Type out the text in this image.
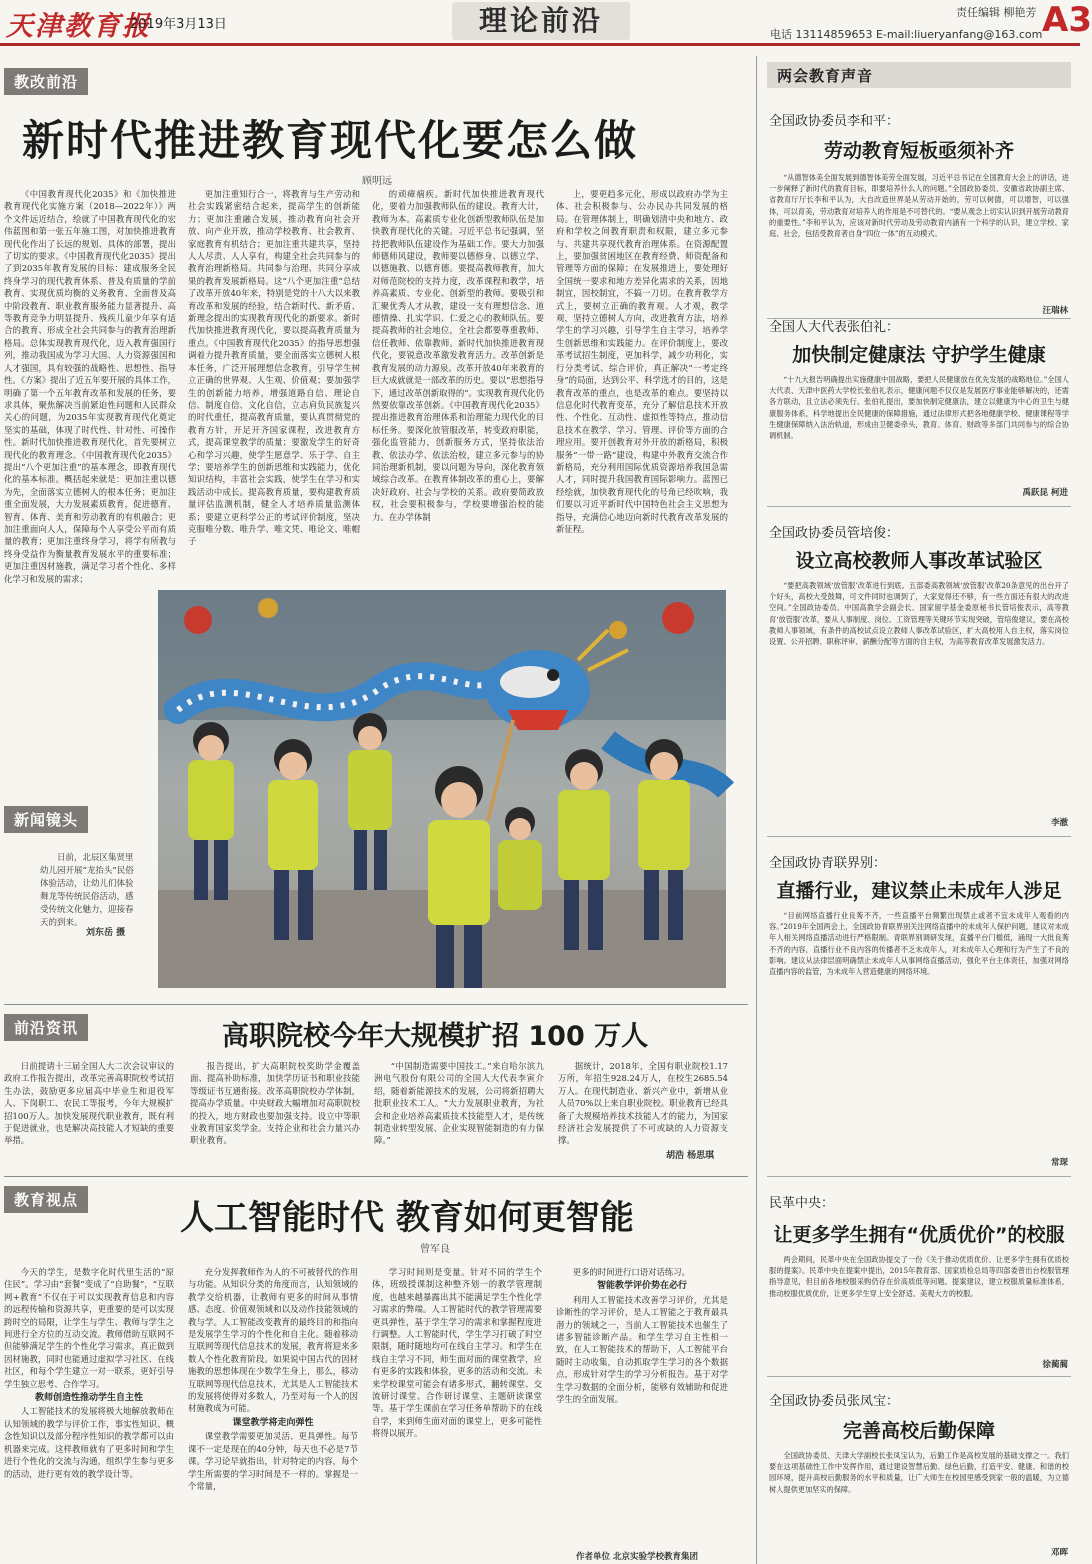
天津教育报
2019年3月13日	理论前沿	责任编辑 柳艳芳
电话 13114859653 E-mail:liueryanfang@163.com A3
教改前沿
新时代推进教育现代化要怎么做
顾明远
《中国教育现代化2035》和《加快推进教育现代化实施方案（2018—2022年）》两个文件远近结合，绘就了中国教育现代化的宏伟蓝图和第一张五年施工图，对加快推进教育现代化作出了长远的规划、具体的部署，提出了切实的要求。《中国教育现代化2035》提出了到2035年教育发展的目标：建成服务全民终身学习的现代教育体系、普及有质量的学前教育、实现优质均衡的义务教育、全面普及高中阶段教育、职业教育服务能力显著提升、高等教育竞争力明显提升、残疾儿童少年享有适合的教育、形成全社会共同参与的教育治理新格局。总体实现教育现代化，迈入教育强国行列，推动我国成为学习大国、人力资源强国和人才强国，具有较强的战略性、思想性、指导性。《方案》提出了近五年要开展的具体工作，明确了第一个五年教育改革和发展的任务，要求具体，聚焦解决当前紧迫性问题和人民群众关心的问题，为2035年实现教育现代化奠定坚实的基础，体现了时代性、针对性、可操作性。新时代加快推进教育现代化，首先要树立现代化的教育理念。《中国教育现代化2035》提出“八个更加注重”的基本理念，即教育现代化的基本标准。概括起来就是：更加注重以德为先，全面落实立德树人的根本任务；更加注重全面发展，大力发展素质教育，促进德育、智育、体育、美育和劳动教育的有机融合；更加注重面向人人，保障每个人享受公平而有质量的教育；更加注重终身学习，将学有所教与终身受益作为衡量教育发展水平的重要标准；更加注重因材施教，满足学习者个性化、多样化学习和发展的需求；
更加注重知行合一，将教育与生产劳动和社会实践紧密结合起来，提高学生的创新能力；更加注重融合发展，推动教育向社会开放、向产业开放，推动学校教育、社会教育、家庭教育有机结合；更加注重共建共享，坚持人人尽责、人人享有，构建全社会共同参与的教育治理新格局。共同参与治理、共同分享成果的教育发展新格局。这“八个更加注重”总结了改革开放40年来，特别是党的十八大以来教育改革和发展的经验，结合新时代、新矛盾、新理念提出的实现教育现代化的新要求。新时代加快推进教育现代化，要以提高教育质量为重点。《中国教育现代化2035》的指导思想强调着力提升教育质量，要全面落实立德树人根本任务，广泛开展理想信念教育，引导学生树立正确的世界观、人生观、价值观；要加强学生的创新能力培养，增强道路自信、理论自信、制度自信、文化自信，立志肩负民族复兴的时代重任，提高教育质量，要认真贯彻党的教育方针，开足开齐国家课程，改进教育方式，提高课堂教学的质量；要激发学生的好奇心和学习兴趣，使学生愿意学、乐于学、自主学；要培养学生的创新思维和实践能力，优化知识结构，丰富社会实践，使学生在学习和实践活动中成长。提高教育质量，要构建教育质量评估监测机制，健全人才培养质量监测体系；要建立更科学公正的考试评价制度，坚决克服唯分数、唯升学、唯文凭、唯论文、唯帽子
的顽瘴痼疾。新时代加快推进教育现代化，要着力加强教师队伍的建设。教育大计，教师为本。高素质专业化创新型教师队伍是加快教育现代化的关键。习近平总书记强调，坚持把教师队伍建设作为基础工作。要大力加强师德师风建设，教师要以德修身、以德立学、以德施教、以德育德。要提高教师教育，加大对师范院校的支持力度，改革课程和教学，培养高素质、专业化、创新型的教师。要吸引和汇聚优秀人才从教，建设一支有理想信念、道德情操、扎实学识、仁爱之心的教师队伍。要提高教师的社会地位，全社会都要尊重教师、信任教师、依靠教师。新时代加快推进教育现代化，要锐意改革激发教育活力。改革创新是教育发展的动力源泉。改革开放40年来教育的巨大成就就是一部改革的历史。要以“思想指导下，通过改革创新取得的”。实现教育现代化仍然要依靠改革创新。《中国教育现代化2035》提出推进教育治理体系和治理能力现代化的目标任务。要深化放管服改革，转变政府职能，强化监管能力，创新服务方式，坚持依法治教、依法办学、依法治校，建立多元参与的协同治理新机制，要以问题为导向，深化教育领域综合改革。在教育体制改革的重心上，要解决好政府、社会与学校的关系。政府要简政放权，社会要积极参与，学校要增强治校的能力。在办学体制
上，要更趋多元化，形成以政府办学为主体、社会积极参与、公办民办共同发展的格局。在管理体制上，明确划清中央和地方、政府和学校之间教育职责和权限，建立多元参与、共建共享现代教育治理体系。在资源配置上，要加强贫困地区在教育经费、师资配备和管理等方面的保障；在发展推进上，要处理好全国统一要求和地方差异化需求的关系，因地制宜，因校制宜，不搞一刀切。在教育教学方式上，要树立正确的教育观、人才观，教学观，坚持立德树人方向，改进教育方法，培养学生的学习兴趣，引导学生自主学习，培养学生创新思维和实践能力。在评价制度上，要改革考试招生制度，更加科学，减少功利化，实行分类考试、综合评价，真正解决“一考定终身”的局面，达到公平、科学选才的目的，这是教育改革的重点，也是改革的难点。要坚持以信息化时代教育变革，充分了解信息技术开放性、个性化、互动性、虚拟性等特点，推动信息技术在教学、学习、管理、评价等方面的合理应用。要开创教育对外开放的新格局，积极服务“一带一路”建设，构建中外教育交流合作新格局，充分利用国际优质资源培养我国急需人才，同时提升我国教育国际影响力。蓝图已经绘就，加快教育现代化的号角已经吹响，我们要以习近平新时代中国特色社会主义思想为指导，充满信心地迈向新时代教育改革发展的新征程。
新闻镜头
日前，北辰区集贤里幼儿园开展“龙抬头”民俗体验活动，让幼儿们体验舞龙等传统民俗活动，感受传统文化魅力，迎接春天的到来。
刘东岳 摄
前沿资讯	高职院校今年大规模扩招 100 万人
日前提请十三届全国人大二次会议审议的政府工作报告提出，改革完善高职院校考试招生办法，鼓励更多应届高中毕业生和退役军人、下岗职工、农民工等报考，今年大规模扩招100万人。加快发展现代职业教育，既有利于促进就业，也是解决高技能人才短缺的重要举措。
报告提出，扩大高职院校奖助学金覆盖面、提高补助标准，加快学历证书和职业技能等级证书互通衔接。改革高职院校办学体制，提高办学质量。中央财政大幅增加对高职院校的投入，地方财政也要加强支持。设立中等职业教育国家奖学金。支持企业和社会力量兴办职业教育。
“中国制造需要中国技工。”来自哈尔滨九洲电气股份有限公司的全国人大代表李寅介绍，随着新能源技术的发展，公司将新招聘大批职业技术工人。“大力发展职业教育，为社会和企业培养高素质技术技能型人才，是传统制造业转型发展、企业实现智能制造的有力保障。”
据统计，2018年，全国有职业院校1.17万所，年招生928.24万人，在校生2685.54万人。在现代制造业、新兴产业中，新增从业人员70%以上来自职业院校。职业教育已经具备了大规模培养技术技能人才的能力，为国家经济社会发展提供了不可或缺的人力资源支撑。
胡浩 杨思琪
教育视点	人工智能时代 教育如何更智能
曾军良

今天的学生，是数字化时代里生活的“原住民”。学习由“套餐”变成了“自助餐”，“互联网+教育”不仅在于可以实现教育信息和内容的远程传输和资源共享，更重要的是可以实现跨时空的局限，让学生与学生、教师与学生之间进行全方位的互动交流。教师借助互联网不但能够满足学生的个性化学习需求，真正做到因材施教，同时也能通过虚拟学习社区、在线社区，和每个学生建立一对一联系，更好引导学生独立思考、合作学习。

教师创造性推动学生自主性

人工智能技术的发展将极大地解放教师在认知领域的教学与评价工作，事实性知识、概念性知识以及部分程序性知识的教学都可以由机器来完成。这样教师就有了更多时间和学生进行个性化的交流与沟通，组织学生参与更多的活动，进行更有效的教学设计等。

充分发挥教师作为人的不可被替代的作用与功能。从知识分类的角度而言，认知领域的教学交给机器，让教师有更多的时间从事情感、态度、价值观领域和以及动作技能领域的教与学。人工智能改变教育的最终目的和指向是发展学生学习的个性化和自主化。随着移动互联网等现代信息技术的发展，教育将迎来多数人个性化教育阶段。如果说中国古代的因材施教的思想体现在少数学生身上，那么，移动互联网等现代信息技术，尤其是人工智能技术的发展将使得对多数人，乃至对每一个人的因材施教成为可能。

课堂教学将走向弹性

课堂教学需要更加灵活、更具弹性。每节课不一定是现在的40分钟，每天也不必是7节课。学习论早就指出，针对特定的内容，每个学生所需要的学习时间是不一样的。掌握是一个常量，

学习时间则是变量。针对不同的学生个体，班级授课制这种整齐划一的教学管理制度，也越来越暴露出其不能满足学生个性化学习需求的弊端。人工智能时代的教学管理需要更具弹性，基于学生学习的需求和掌握程度进行调整。人工智能时代，学生学习打破了时空限制，随时随地均可在线自主学习。和学生在线自主学习不同，师生面对面的课堂教学，应有更多的实践和体验，更多的活动和交流。未来学校课堂可能会有诸多形式，翻转课堂、交流研讨课堂、合作研讨课堂、主题研读课堂等。基于学生课前在学习任务单帮助下的在线自学，来到师生面对面的课堂上，更多可能性将得以展开。

更多的时间进行口语对话练习。

智能教学评价势在必行

利用人工智能技术改善学习评价，尤其是诊断性的学习评价，是人工智能之于教育最具潜力的领域之一，当前人工智能技术也催生了诸多智能诊断产品。和学生学习自主性相一致，在人工智能技术的帮助下，人工智能平台随时主动收集，自动抓取学生学习的各个数据点，形成针对学生的学习分析报告。基于对学生学习数据的全面分析，能够有效辅助和促进学生的全面发展。

作者单位 北京实验学校教育集团
两会教育声音
全国政协委员李和平：
劳动教育短板亟须补齐
“从德智体美全面发展到德智体美劳全面发展，习近平总书记在全国教育大会上的讲话，进一步阐释了新时代的教育目标，即要培养什么人的问题。”全国政协委员、安徽省政协副主席、省教育厅厅长李和平认为，大自改造世界是从劳动开始的，劳可以树德，可以增智，可以强体，可以育美，劳动教育对培养人的作用是不可替代的。“要从观念上切实认识到开展劳动教育的重要性。”李和平认为，应该对新时代劳动及劳动教育内涵有一个科学的认识，建立学校、家庭、社会，包括受教育者自身“四位一体”的互动模式。
汪瑞林
全国人大代表张伯礼：
加快制定健康法 守护学生健康
“十九大报告明确提出实施健康中国战略，要把人民健康放在优先发展的战略地位。”全国人大代表、天津中医药大学校长张伯礼表示，健康问题不仅仅是发展医疗事业能够解决的，还需各方联动，且立法必须先行。张伯礼提出，要加快制定健康法，建立以健康为中心的卫生与健康服务体系，科学地提出全民健康的保障措施，通过法律形式把各地健康学校、健康课程等学生健康保障纳入法治轨道，形成由卫健委牵头，教育、体育、财政等多部门共同参与的综合协调机制。
禹跃昆 柯进
全国政协委员管培俊：
设立高校教师人事改革试验区
“要把高教领域‘放管服’改革进行到底。五部委高教领域‘放管服’改革20条意见的出台开了个好头，高校大受鼓舞，可文件同时也调到了，大家觉得还不够，有一些方面还有很大的改进空间。”全国政协委员、中国高教学会副会长、国家留学基金委原秘书长管培俊表示，高等教育‘放管服’改革，要从人事制度、岗位、工资管理等关键环节实现突破，管培俊建议，要在高校教师人事领域，有条件的高校试点设立教师人事改革试验区，扩大高校用人自主权，落实岗位设置、公开招聘、职称评审、薪酬分配等方面的自主权，为高等教育改革发展激发活力。
李澈
全国政协青联界别：
直播行业，建议禁止未成年人涉足
“目前网络直播行业良莠不齐，一些直播平台频繁出现禁止或者不宜未成年人观看的内容。”2019年全国两会上，全国政协青联界别关注网络直播中的未成年人保护问题，建议对未成年人相关网络直播活动进行严格限制。青联界别调研发现，直播平台门槛低，涌现一大批良莠不齐的内容，直播行业不良内容的传播者不乏未成年人，对未成年人心理和行为产生了不良的影响。建议从法律层面明确禁止未成年人从事网络直播活动，强化平台主体责任，加强对网络直播内容的监管，为未成年人营造健康的网络环境。
常琛
民革中央：
让更多学生拥有“优质优价”的校服
两会期间，民革中央在全国政协提交了一份《关于推动优质优价、让更多学生拥有优质校服的提案》。民革中央在提案中提出，2015年教育部、国家质检总局等四部委曾出台校服管理指导意见，但目前各地校服采购仍存在价高质低等问题。提案建议，建立校服质量标准体系，推动校服优质优价，让更多学生穿上安全舒适、美观大方的校服。
徐蔺蔺
全国政协委员张凤宝：
完善高校后勤保障
全国政协委员、天津大学副校长张凤宝认为，后勤工作是高校发展的基础支撑之一。我们要在这项基础性工作中发挥作用，通过建设智慧后勤、绿色后勤，打造平安、健康、和谐的校园环境，提升高校后勤服务的水平和质量，让广大师生在校园里感受到家一般的温暖，为立德树人提供更加坚实的保障。
邓晖
